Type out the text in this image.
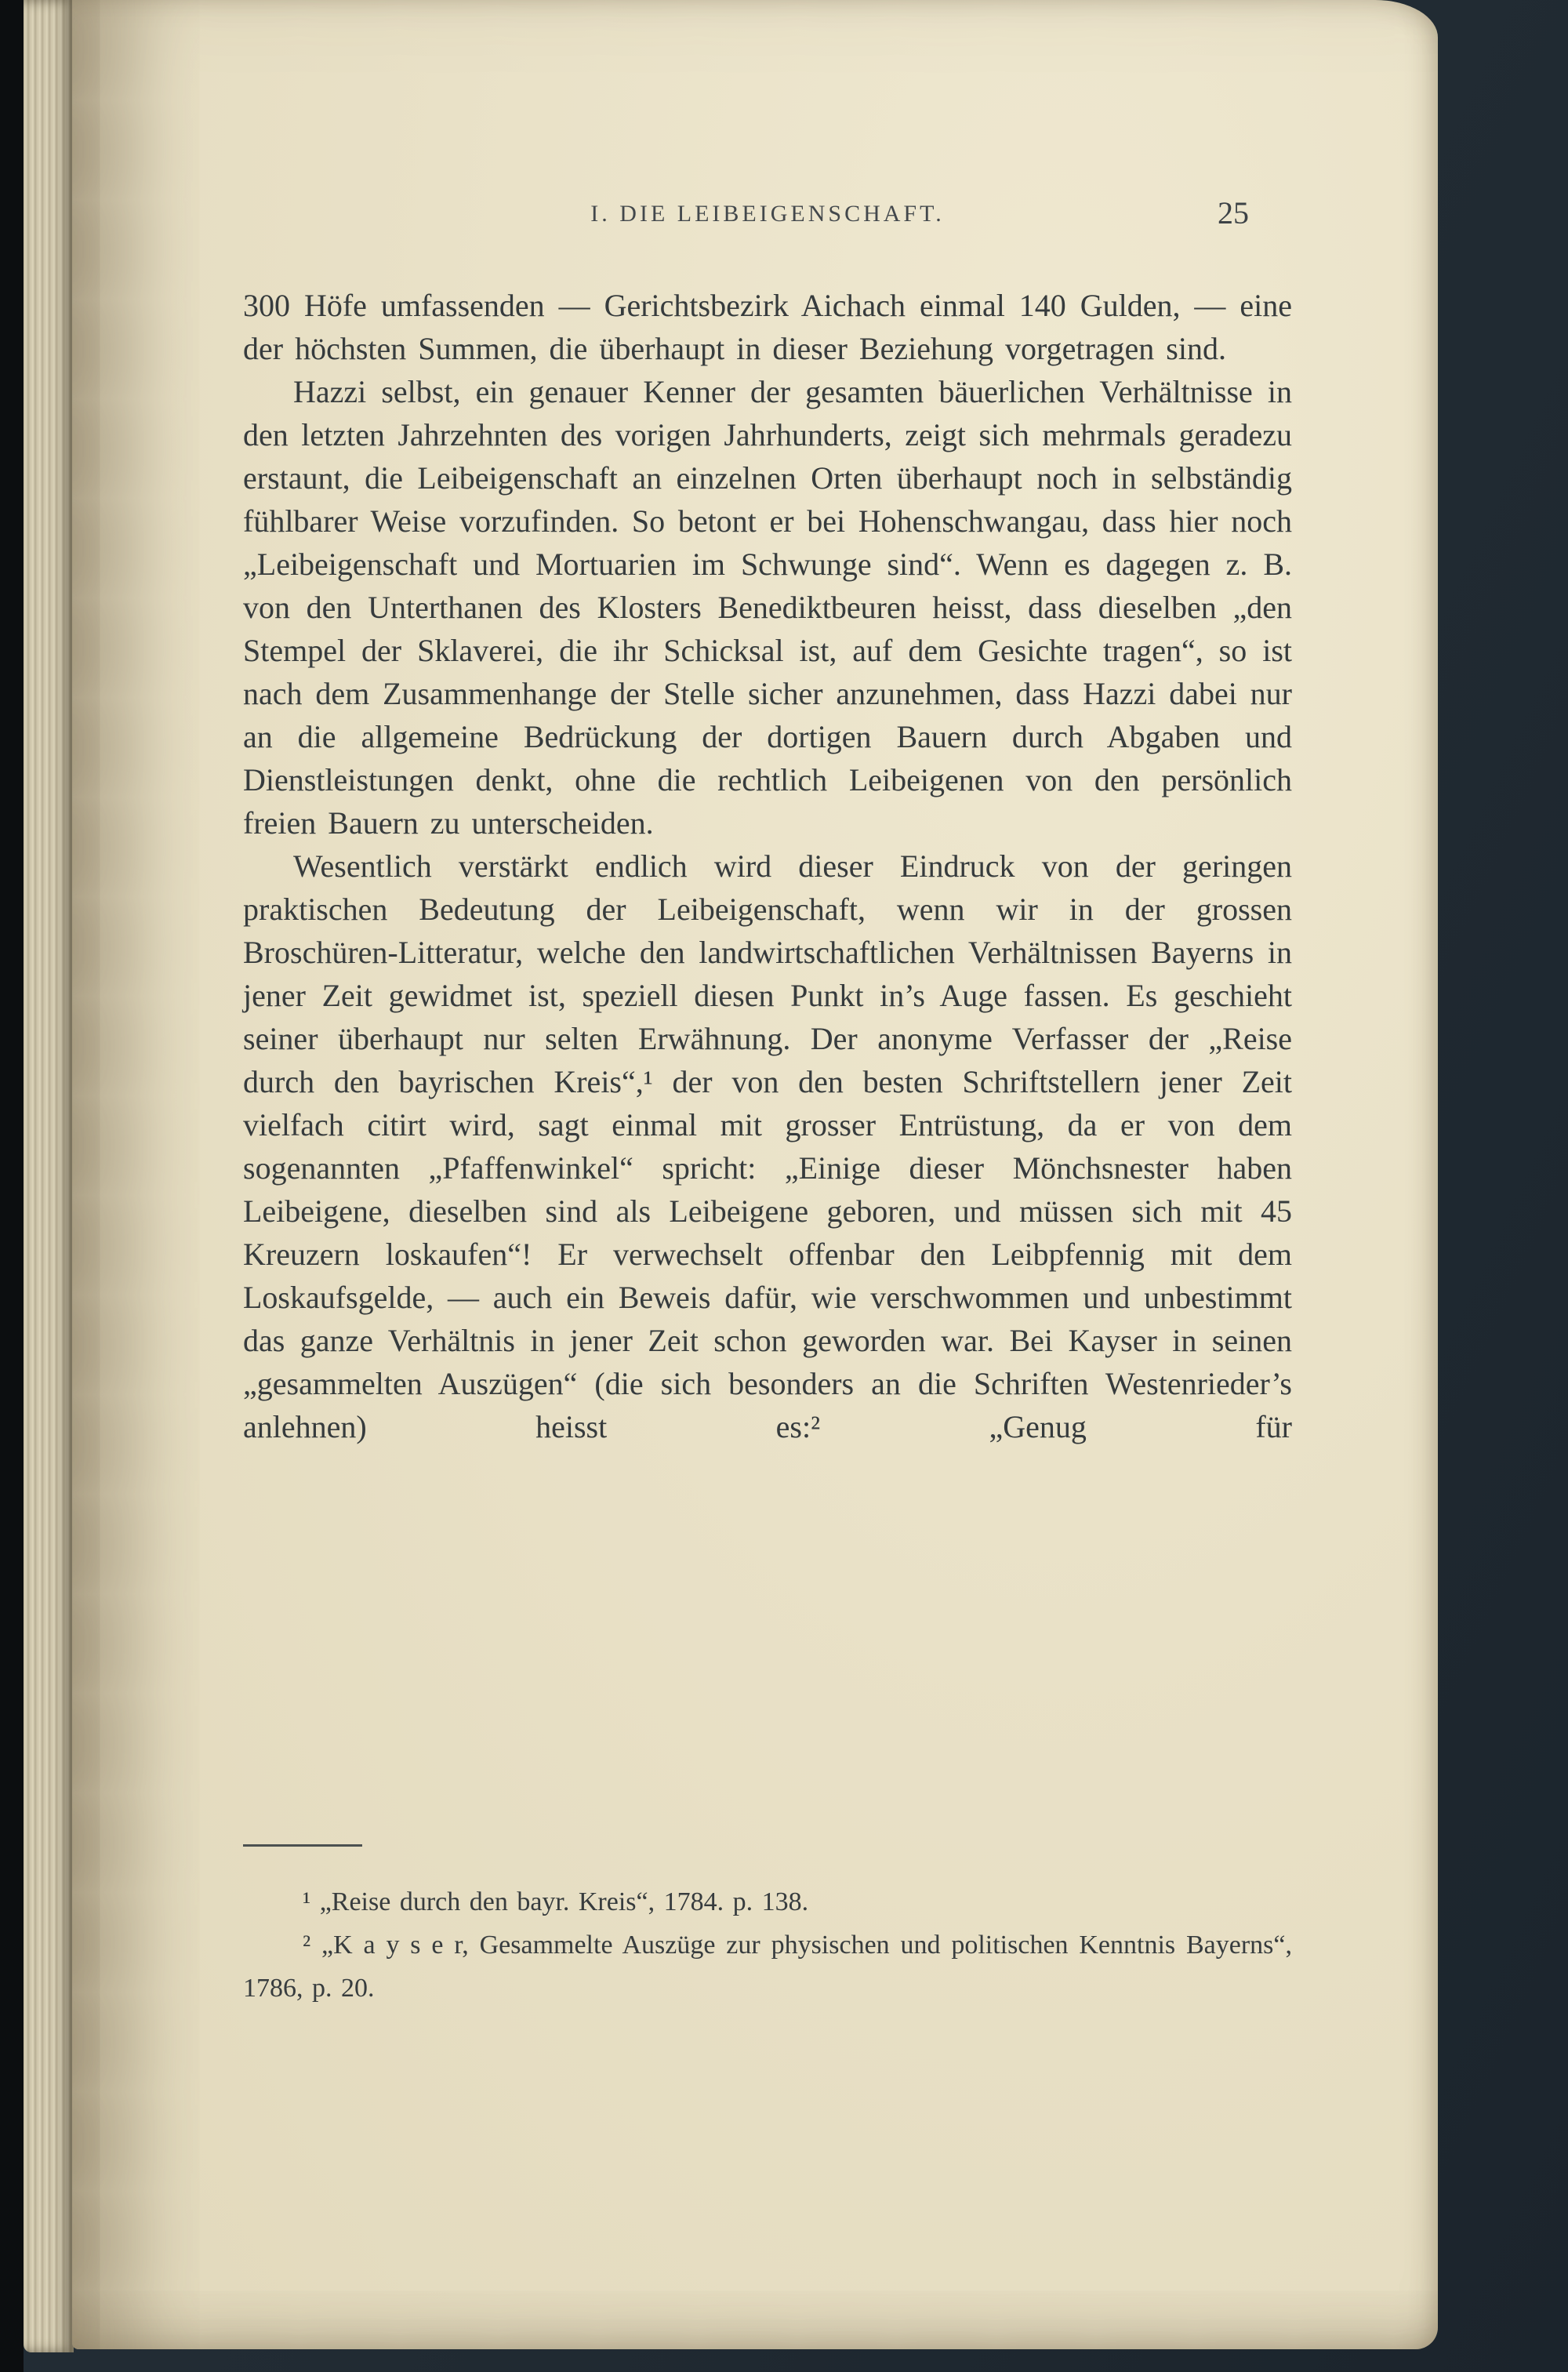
I. DIE LEIBEIGENSCHAFT.	25

300 Höfe umfassenden — Gerichtsbezirk Aichach einmal 140 Gulden, — eine der höchsten Summen, die überhaupt in dieser Beziehung vorgetragen sind.

Hazzi selbst, ein genauer Kenner der gesamten bäuerlichen Verhältnisse in den letzten Jahrzehnten des vorigen Jahrhunderts, zeigt sich mehrmals geradezu erstaunt, die Leibeigenschaft an einzelnen Orten überhaupt noch in selbständig fühlbarer Weise vorzufinden. So betont er bei Hohenschwangau, dass hier noch „Leibeigenschaft und Mortuarien im Schwunge sind“. Wenn es dagegen z. B. von den Unterthanen des Klosters Benediktbeuren heisst, dass dieselben „den Stempel der Sklaverei, die ihr Schicksal ist, auf dem Gesichte tragen“, so ist nach dem Zusammenhange der Stelle sicher anzunehmen, dass Hazzi dabei nur an die allgemeine Bedrückung der dortigen Bauern durch Abgaben und Dienstleistungen denkt, ohne die rechtlich Leibeigenen von den persönlich freien Bauern zu unterscheiden.

Wesentlich verstärkt endlich wird dieser Eindruck von der geringen praktischen Bedeutung der Leibeigenschaft, wenn wir in der grossen Broschüren-Litteratur, welche den landwirtschaftlichen Verhältnissen Bayerns in jener Zeit gewidmet ist, speziell diesen Punkt in’s Auge fassen. Es geschieht seiner überhaupt nur selten Erwähnung. Der anonyme Verfasser der „Reise durch den bayrischen Kreis“,¹ der von den besten Schriftstellern jener Zeit vielfach citirt wird, sagt einmal mit grosser Entrüstung, da er von dem sogenannten „Pfaffenwinkel“ spricht: „Einige dieser Mönchsnester haben Leibeigene, dieselben sind als Leibeigene geboren, und müssen sich mit 45 Kreuzern loskaufen“! Er verwechselt offenbar den Leibpfennig mit dem Loskaufsgelde, — auch ein Beweis dafür, wie verschwommen und unbestimmt das ganze Verhältnis in jener Zeit schon geworden war. Bei Kayser in seinen „gesammelten Auszügen“ (die sich besonders an die Schriften Westenrieder’s anlehnen) heisst es:² „Genug für

¹ „Reise durch den bayr. Kreis“, 1784. p. 138.

² „K a y s e r, Gesammelte Auszüge zur physischen und politischen Kenntnis Bayerns“, 1786, p. 20.
